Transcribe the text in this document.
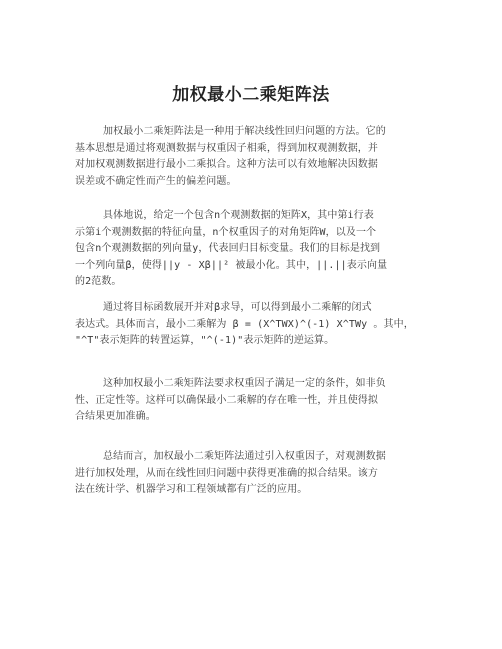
加权最小二乘矩阵法
加权最小二乘矩阵法是一种用于解决线性回归问题的方法。它的
基本思想是通过将观测数据与权重因子相乘，得到加权观测数据，并
对加权观测数据进行最小二乘拟合。这种方法可以有效地解决因数据
误差或不确定性而产生的偏差问题。
具体地说，给定一个包含n个观测数据的矩阵X，其中第i行表
示第i个观测数据的特征向量，n个权重因子的对角矩阵W，以及一个
包含n个观测数据的列向量y，代表回归目标变量。我们的目标是找到
一个列向量β，使得||y - Xβ||² 被最小化。其中，||.||表示向量
的2范数。
通过将目标函数展开并对β求导，可以得到最小二乘解的闭式
表达式。具体而言，最小二乘解为 β = (X^TWX)^(-1) X^TWy 。其中，
"^T"表示矩阵的转置运算，"^(-1)"表示矩阵的逆运算。
这种加权最小二乘矩阵法要求权重因子满足一定的条件，如非负
性、正定性等。这样可以确保最小二乘解的存在唯一性，并且使得拟
合结果更加准确。
总结而言，加权最小二乘矩阵法通过引入权重因子，对观测数据
进行加权处理，从而在线性回归问题中获得更准确的拟合结果。该方
法在统计学、机器学习和工程领域都有广泛的应用。
